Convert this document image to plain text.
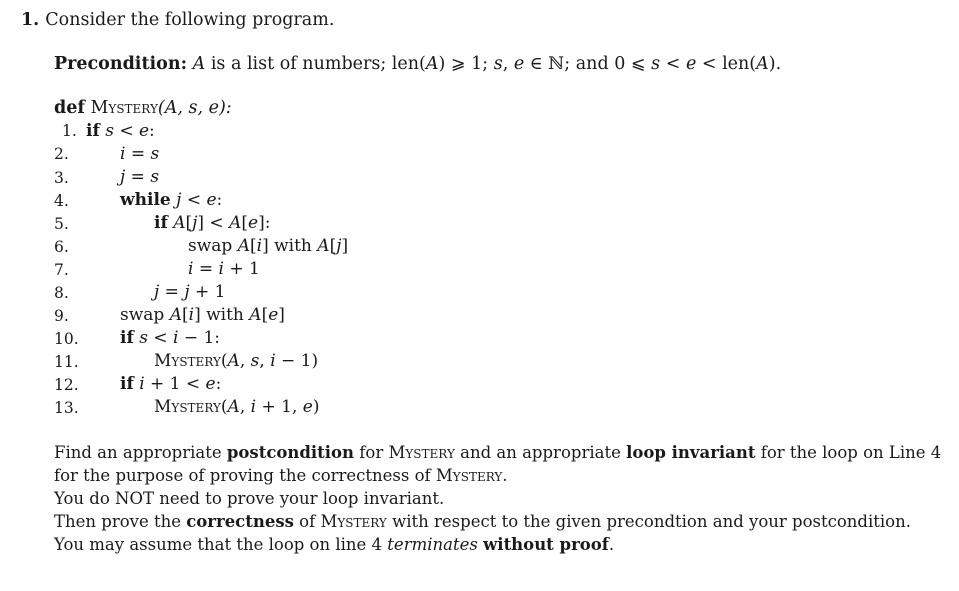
1. Consider the following program.
Precondition: A is a list of numbers; len(A) ⩾ 1; s, e ∈ ℕ; and 0 ⩽ s < e < len(A).
def Mystery(A, s, e):
1.
2.
3.
4.
5.
6.
7.
8.
9.
10.
11.
12.
13.
if s < e:
i = s
j = s
while j < e:
if A[j] < A[e]:
swap A[i] with A[j]
i = i + 1
j = j + 1
swap A[i] with A[e]
if s < i − 1:
Mystery(A, s, i − 1)
if i + 1 < e:
Mystery(A, i + 1, e)
Find an appropriate postcondition for Mystery and an appropriate loop invariant for the loop on Line 4
for the purpose of proving the correctness of Mystery.
You do NOT need to prove your loop invariant.
Then prove the correctness of Mystery with respect to the given precondtion and your postcondition.
You may assume that the loop on line 4 terminates without proof.
